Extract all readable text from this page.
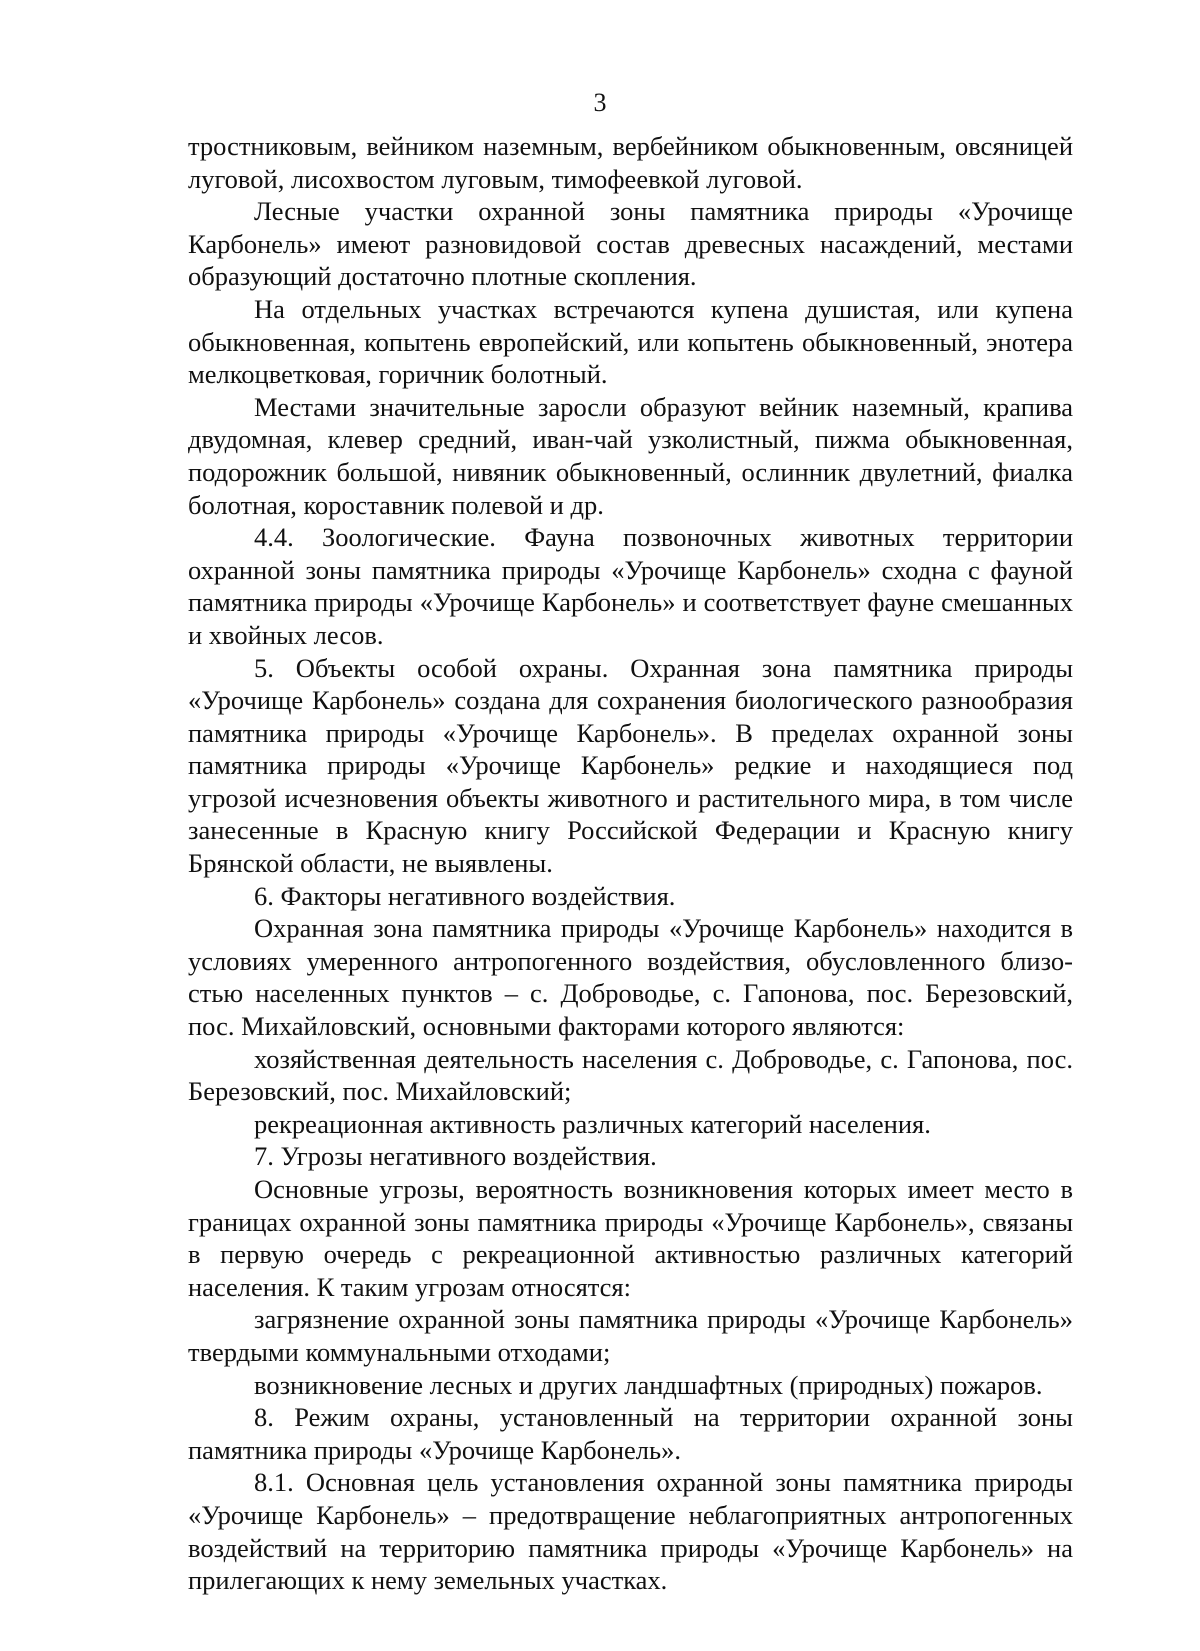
3

тростниковым, вейником наземным, вербейником обыкновенным, овсяницей луговой, лисохвостом луговым, тимофеевкой луговой.

Лесные участки охранной зоны памятника природы «Урочище Карбонель» имеют разновидовой состав древесных насаждений, местами образующий достаточно плотные скопления.

На отдельных участках встречаются купена душистая, или купена обыкновенная, копытень европейский, или копытень обыкновенный, энотера мелкоцветковая, горичник болотный.

Местами значительные заросли образуют вейник наземный, крапива двудомная, клевер средний, иван-чай узколистный, пижма обыкновенная, подорожник большой, нивяник обыкновенный, ослинник двулетний, фиалка болотная, короставник полевой и др.

4.4. Зоологические. Фауна позвоночных животных территории охранной зоны памятника природы «Урочище Карбонель» сходна с фауной памятника природы «Урочище Карбонель» и соответствует фауне смешанных и хвойных лесов.

5. Объекты особой охраны. Охранная зона памятника природы «Урочище Карбонель» создана для сохранения биологического разнообразия памятника природы «Урочище Карбонель». В пределах охранной зоны памятника природы «Урочище Карбонель» редкие и находящиеся под угрозой исчезновения объекты животного и растительного мира, в том числе занесенные в Красную книгу Российской Федерации и Красную книгу Брянской области, не выявлены.

6. Факторы негативного воздействия.

Охранная зона памятника природы «Урочище Карбонель» находится в условиях умеренного антропогенного воздействия, обусловленного близостью населенных пунктов – с. Доброводье, с. Гапонова, пос. Березовский, пос. Михайловский, основными факторами которого являются:

хозяйственная деятельность населения с. Доброводье, с. Гапонова, пос. Березовский, пос. Михайловский;

рекреационная активность различных категорий населения.

7. Угрозы негативного воздействия.

Основные угрозы, вероятность возникновения которых имеет место в границах охранной зоны памятника природы «Урочище Карбонель», связаны в первую очередь с рекреационной активностью различных категорий населения. К таким угрозам относятся:

загрязнение охранной зоны памятника природы «Урочище Карбонель» твердыми коммунальными отходами;

возникновение лесных и других ландшафтных (природных) пожаров.

8. Режим охраны, установленный на территории охранной зоны памятника природы «Урочище Карбонель».

8.1. Основная цель установления охранной зоны памятника природы «Урочище Карбонель» – предотвращение неблагоприятных антропогенных воздействий на территорию памятника природы «Урочище Карбонель» на прилегающих к нему земельных участках.
